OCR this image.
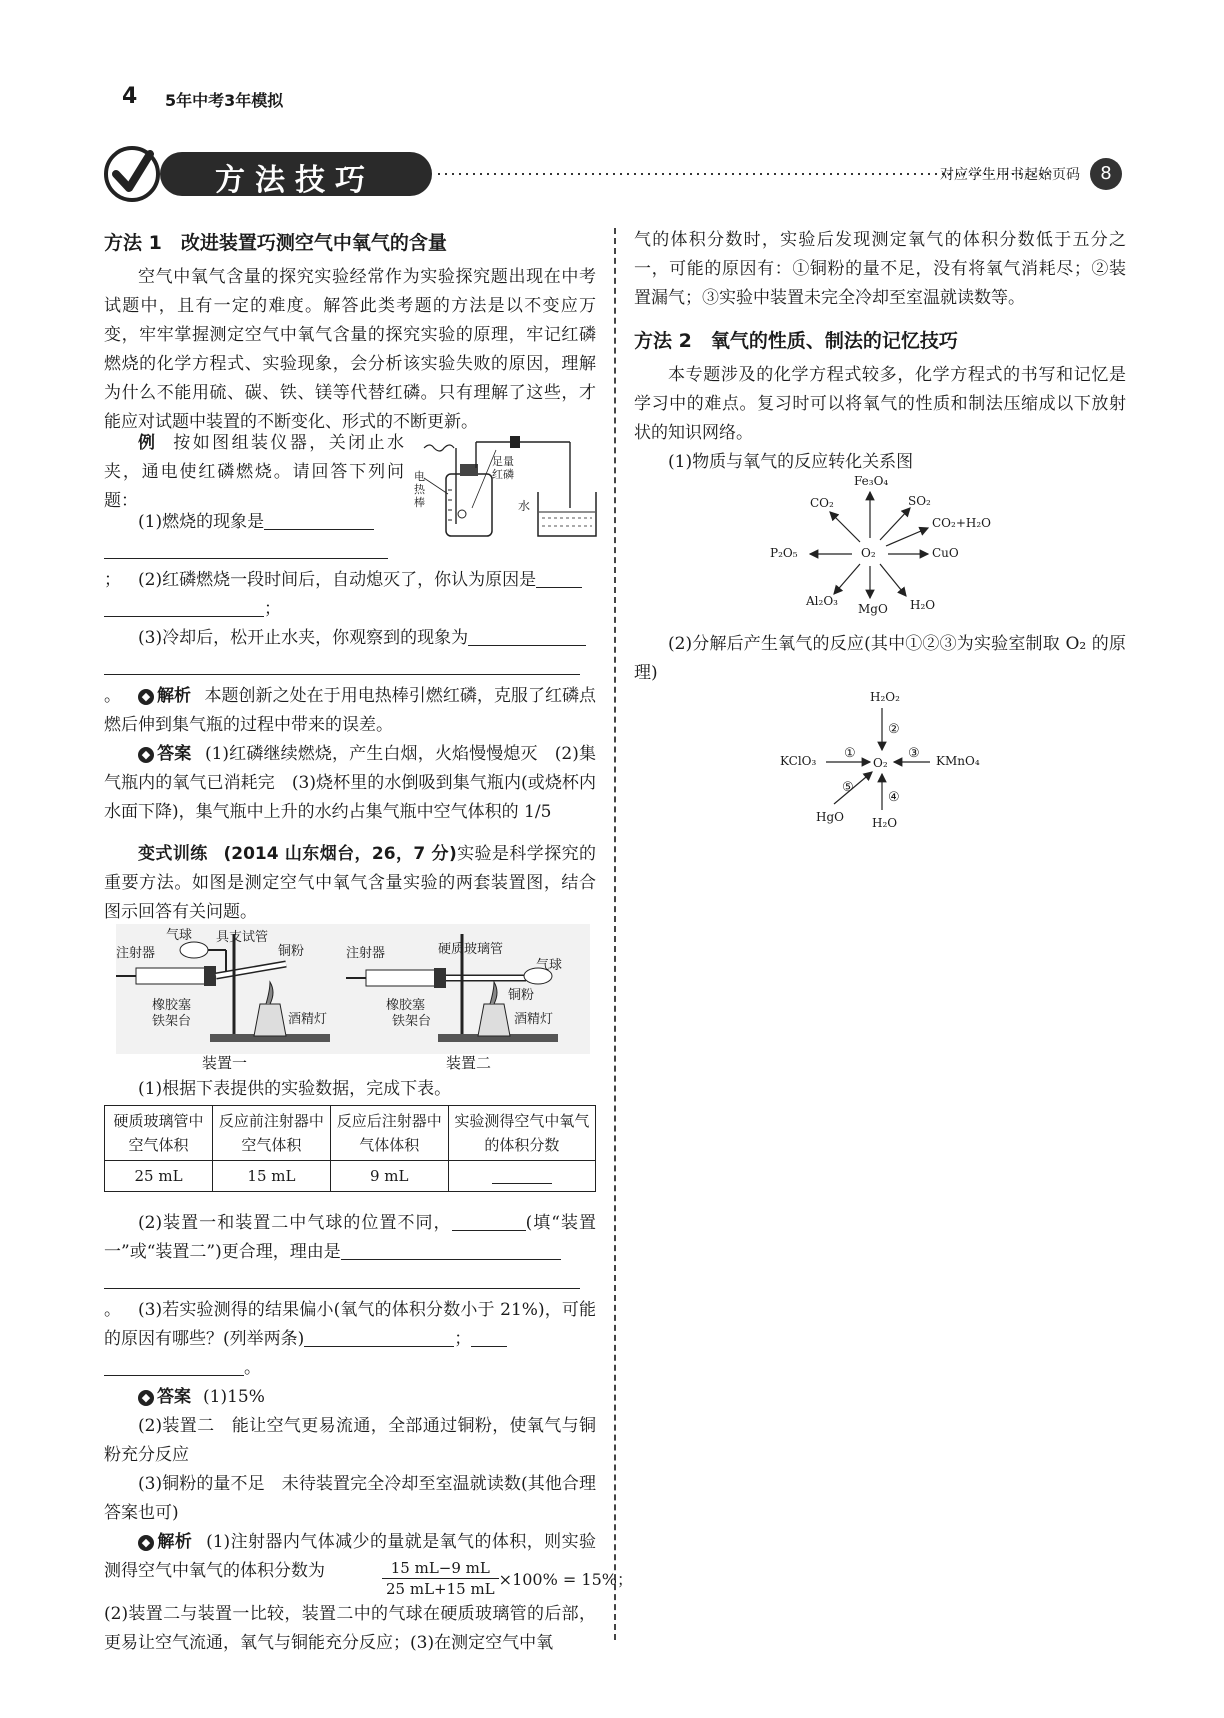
4 5年中考3年模拟
方法技巧	对应学生用书起始页码	8
方法 1　改进装置巧测空气中氧气的含量
空气中氧气含量的探究实验经常作为实验探究题出现在中考试题中，且有一定的难度。解答此类考题的方法是以不变应万变，牢牢掌握测定空气中氧气含量的探究实验的原理，牢记红磷燃烧的化学方程式、实验现象，会分析该实验失败的原因，理解为什么不能用硫、碳、铁、镁等代替红磷。只有理解了这些，才能应对试题中装置的不断变化、形式的不断更新。
例 按如图组装仪器，关闭止水夹，通电使红磷燃烧。请回答下列问题：
电热棒
足量红磷
水
(1)燃烧的现象是
；	(2)红磷燃烧一段时间后，自动熄灭了，你认为原因是
；
(3)冷却后，松开止水夹，你观察到的现象为
。	◆ 解析 本题创新之处在于用电热棒引燃红磷，克服了红磷点燃后伸到集气瓶的过程中带来的误差。
◆ 答案 (1)红磷继续燃烧，产生白烟，火焰慢慢熄灭　(2)集气瓶内的氧气已消耗完　(3)烧杯里的水倒吸到集气瓶内(或烧杯内水面下降)，集气瓶中上升的水约占集气瓶中空气体积的 1/5
变式训练 (2014 山东烟台，26，7 分)实验是科学探究的重要方法。如图是测定空气中氧气含量实验的两套装置图，结合图示回答有关问题。
气球 具支试管
注射器	铜粉
橡胶塞
铁架台	酒精灯
注射器	硬质玻璃管
气球
铜粉
橡胶塞
铁架台	酒精灯
装置一	装置二
(1)根据下表提供的实验数据，完成下表。
硬质玻璃管中空气体积	反应前注射器中空气体积	反应后注射器中气体体积	实验测得空气中氧气的体积分数
25 mL	15 mL	9 mL	
(2)装置一和装置二中气球的位置不同，	(填“装置一”或“装置二”)更合理，理由是
。	(3)若实验测得的结果偏小(氧气的体积分数小于 21%)，可能的原因有哪些？(列举两条)	；
。
◆ 答案 (1)15%
(2)装置二　能让空气更易流通，全部通过铜粉，使氧气与铜粉充分反应
(3)铜粉的量不足　未待装置完全冷却至室温就读数(其他合理答案也可)
◆ 解析 (1)注射器内气体减少的量就是氧气的体积，则实验测得空气中氧气的体积分数为	$\frac{15 mL-9 mL}{25 mL+15 mL} \times 100\% = 15\%$；
(2)装置二与装置一比较，装置二中的气球在硬质玻璃管的后部，更易让空气流通，氧气与铜能充分反应；(3)在测定空气中氧
气的体积分数时，实验后发现测定氧气的体积分数低于五分之一，可能的原因有：①铜粉的量不足，没有将氧气消耗尽；②装置漏气；③实验中装置未完全冷却至室温就读数等。
方法 2　氧气的性质、制法的记忆技巧
本专题涉及的化学方程式较多，化学方程式的书写和记忆是学习中的难点。复习时可以将氧气的性质和制法压缩成以下放射状的知识网络。
(1)物质与氧气的反应转化关系图
O₂
Fe₃O₄
SO₂
CO₂+H₂O
CuO
H₂O
MgO
Al₂O₃
P₂O₅
CO₂
(2)分解后产生氧气的反应(其中①②③为实验室制取 O₂ 的原理)
H₂O₂
KClO₃	O₂	KMnO₄
HgO H₂O
①
②
③
④
⑤
